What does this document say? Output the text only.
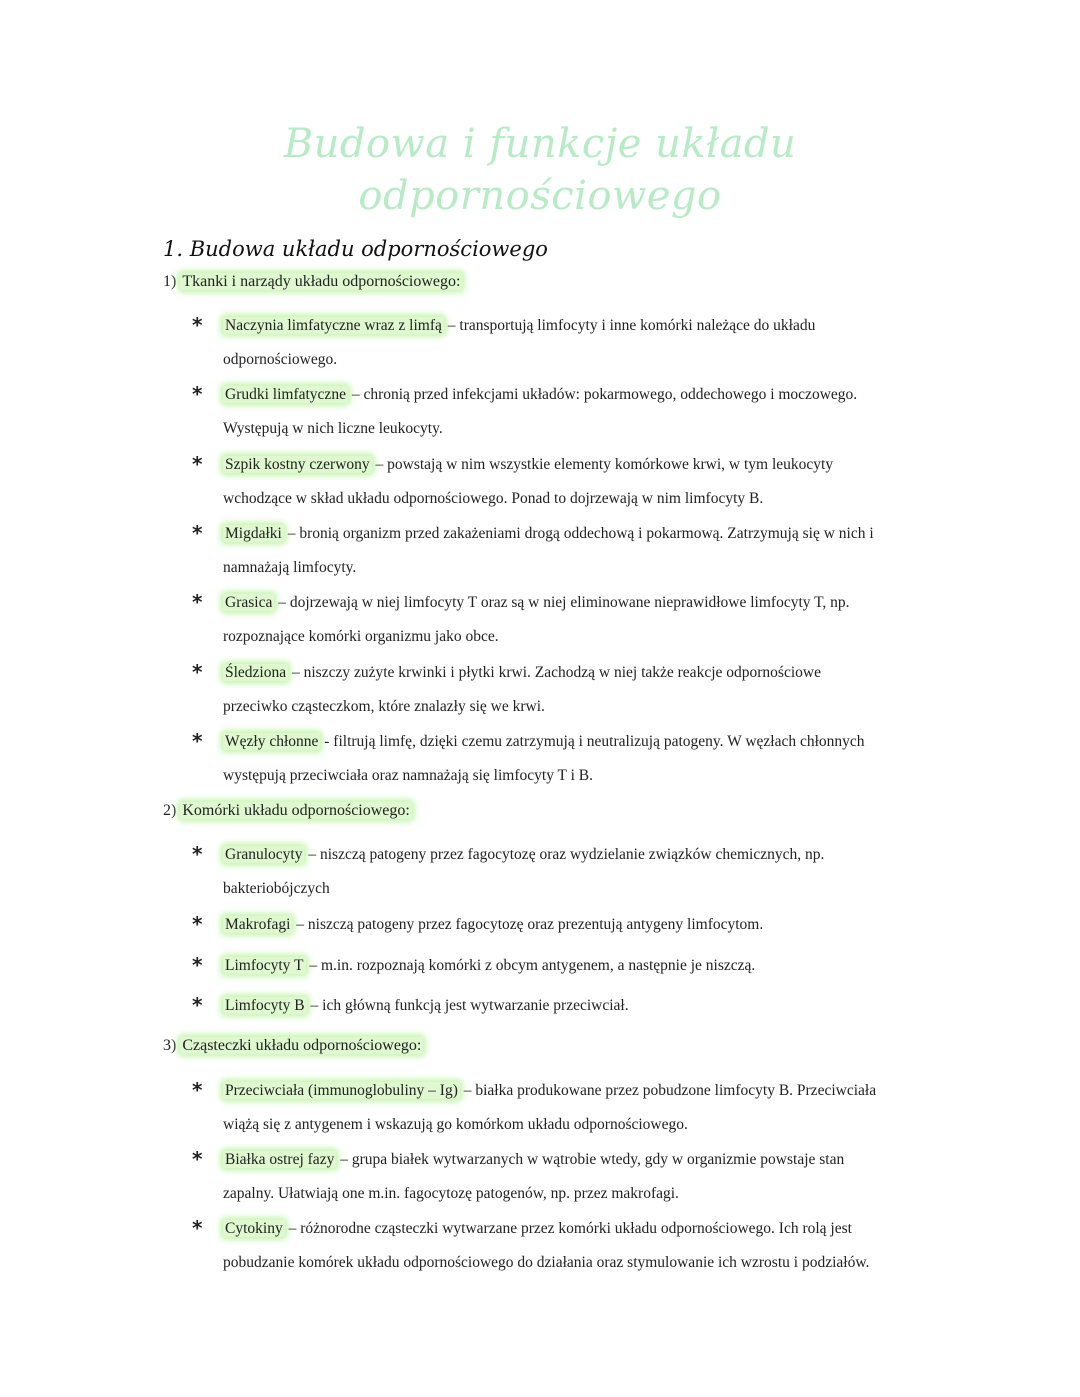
Budowa i funkcje układu
odpornościowego
1. Budowa układu odpornościowego
1) Tkanki i narządy układu odpornościowego:
* Naczynia limfatyczne wraz z limfą – transportują limfocyty i inne komórki należące do układu
odpornościowego.
* Grudki limfatyczne – chronią przed infekcjami układów: pokarmowego, oddechowego i moczowego.
Występują w nich liczne leukocyty.
* Szpik kostny czerwony – powstają w nim wszystkie elementy komórkowe krwi, w tym leukocyty
wchodzące w skład układu odpornościowego. Ponad to dojrzewają w nim limfocyty B.
* Migdałki – bronią organizm przed zakażeniami drogą oddechową i pokarmową. Zatrzymują się w nich i
namnażają limfocyty.
* Grasica – dojrzewają w niej limfocyty T oraz są w niej eliminowane nieprawidłowe limfocyty T, np.
rozpoznające komórki organizmu jako obce.
* Śledziona – niszczy zużyte krwinki i płytki krwi. Zachodzą w niej także reakcje odpornościowe
przeciwko cząsteczkom, które znalazły się we krwi.
* Węzły chłonne - filtrują limfę, dzięki czemu zatrzymują i neutralizują patogeny. W węzłach chłonnych
występują przeciwciała oraz namnażają się limfocyty T i B.
2) Komórki układu odpornościowego:
* Granulocyty – niszczą patogeny przez fagocytozę oraz wydzielanie związków chemicznych, np.
bakteriobójczych
* Makrofagi – niszczą patogeny przez fagocytozę oraz prezentują antygeny limfocytom.
* Limfocyty T – m.in. rozpoznają komórki z obcym antygenem, a następnie je niszczą.
* Limfocyty B – ich główną funkcją jest wytwarzanie przeciwciał.
3) Cząsteczki układu odpornościowego:
* Przeciwciała (immunoglobuliny – Ig) – białka produkowane przez pobudzone limfocyty B. Przeciwciała
wiążą się z antygenem i wskazują go komórkom układu odpornościowego.
* Białka ostrej fazy – grupa białek wytwarzanych w wątrobie wtedy, gdy w organizmie powstaje stan
zapalny. Ułatwiają one m.in. fagocytozę patogenów, np. przez makrofagi.
* Cytokiny – różnorodne cząsteczki wytwarzane przez komórki układu odpornościowego. Ich rolą jest
pobudzanie komórek układu odpornościowego do działania oraz stymulowanie ich wzrostu i podziałów.
